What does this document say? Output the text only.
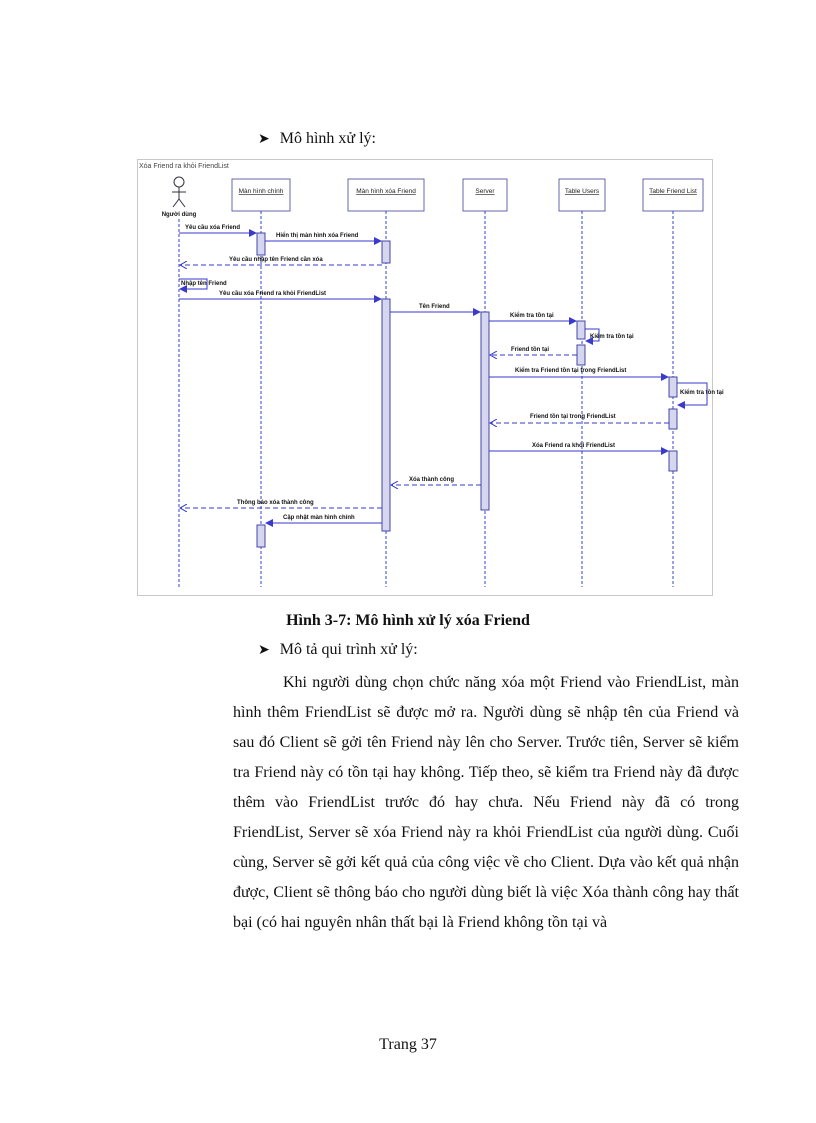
➤ Mô hình xử lý:
Xóa Friend ra khỏi FriendList
Người dùng
Màn hình chính	Màn hình xóa Friend	Server	Table Users	Table Friend List
Yêu cầu xóa Friend
Hiển thị màn hình xóa Friend
Yêu cầu nhập tên Friend cần xóa
Nhập tên Friend
Yêu cầu xóa Friend ra khỏi FriendList
Tên Friend
Kiểm tra tồn tại
Kiểm tra tồn tại
Friend tồn tại
Kiểm tra Friend tồn tại trong FriendList
Kiểm tra tồn tại
Friend tồn tại trong FriendList
Xóa Friend ra khỏi FriendList
Xóa thành công
Thông báo xóa thành công
Cập nhật màn hình chính
Hình 3-7: Mô hình xử lý xóa Friend
➤ Mô tả qui trình xử lý:

Khi người dùng chọn chức năng xóa một Friend vào FriendList, màn hình thêm FriendList sẽ được mở ra. Người dùng sẽ nhập tên của Friend và sau đó Client sẽ gởi tên Friend này lên cho Server. Trước tiên, Server sẽ kiểm tra Friend này có tồn tại hay không. Tiếp theo, sẽ kiểm tra Friend này đã được thêm vào FriendList trước đó hay chưa. Nếu Friend này đã có trong FriendList, Server sẽ xóa Friend này ra khỏi FriendList của người dùng. Cuối cùng, Server sẽ gởi kết quả của công việc về cho Client. Dựa vào kết quả nhận được, Client sẽ thông báo cho người dùng biết là việc Xóa thành công hay thất bại (có hai nguyên nhân thất bại là Friend không tồn tại và

Trang 37
